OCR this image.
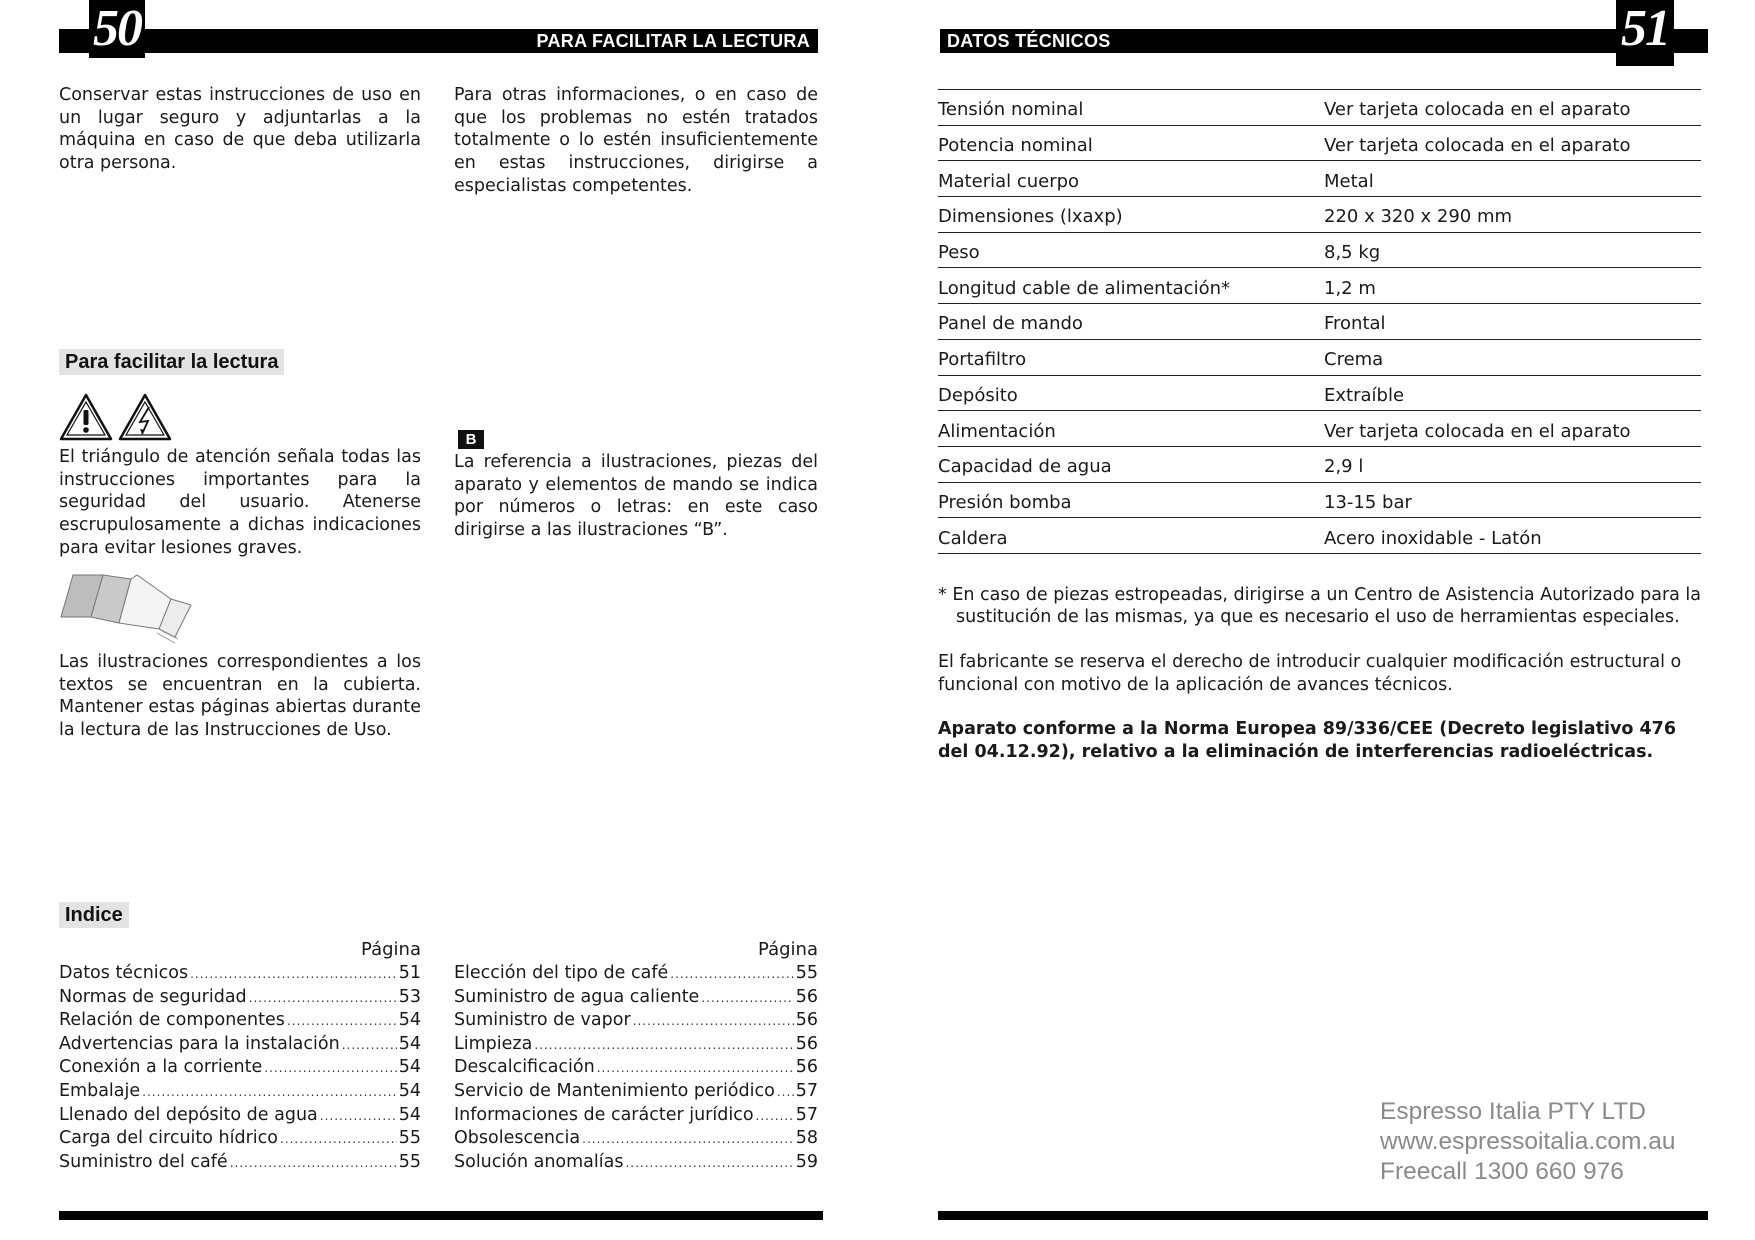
50	PARA FACILITAR LA LECTURA
Conservar estas instrucciones de uso en un lugar seguro y adjuntarlas a la máquina en caso de que deba utilizarla otra persona.
Para otras informaciones, o en caso de que los problemas no estén tratados totalmente o lo estén insuficientemente en estas instrucciones, dirigirse a especialistas competentes.
Para facilitar la lectura
El triángulo de atención señala todas las instrucciones importantes para la seguridad del usuario. Atenerse escrupulosamente a dichas indicaciones para evitar lesiones graves.
Las ilustraciones correspondientes a los textos se encuentran en la cubierta. Mantener estas páginas abiertas durante la lectura de las Instrucciones de Uso.
B
La referencia a ilustraciones, piezas del aparato y elementos de mando se indica por números o letras: en este caso dirigirse a las ilustraciones “B”.
Indice
Página	Página
Datos técnicos .....	51
Normas de seguridad .....	53
Relación de componentes .....	54
Advertencias para la instalación .....	54
Conexión a la corriente .....	54
Embalaje .....	54
Llenado del depósito de agua .....	54
Carga del circuito hídrico .....	55
Suministro del café .....	55
Elección del tipo de café .....	55
Suministro de agua caliente .....	56
Suministro de vapor .....	56
Limpieza .....	56
Descalcificación .....	56
Servicio de Mantenimiento periódico ..... 57
Informaciones de carácter jurídico ..... 57
Obsolescencia .....	58
Solución anomalías .....	59
DATOS TÉCNICOS	51
Tensión nominal	Ver tarjeta colocada en el aparato
Potencia nominal	Ver tarjeta colocada en el aparato
Material cuerpo	Metal
Dimensiones (lxaxp)	220 x 320 x 290 mm
Peso	8,5 kg
Longitud cable de alimentación*	1,2 m
Panel de mando	Frontal
Portafiltro	Crema
Depósito	Extraíble
Alimentación	Ver tarjeta colocada en el aparato
Capacidad de agua	2,9 l
Presión bomba	13-15 bar
Caldera	Acero inoxidable - Latón
* En caso de piezas estropeadas, dirigirse a un Centro de Asistencia Autorizado para la
sustitución de las mismas, ya que es necesario el uso de herramientas especiales.
El fabricante se reserva el derecho de introducir cualquier modificación estructural o funcional con motivo de la aplicación de avances técnicos.
Aparato conforme a la Norma Europea 89/336/CEE (Decreto legislativo 476 del 04.12.92), relativo a la eliminación de interferencias radioeléctricas.
Espresso Italia PTY LTD
www.espressoitalia.com.au
Freecall 1300 660 976
